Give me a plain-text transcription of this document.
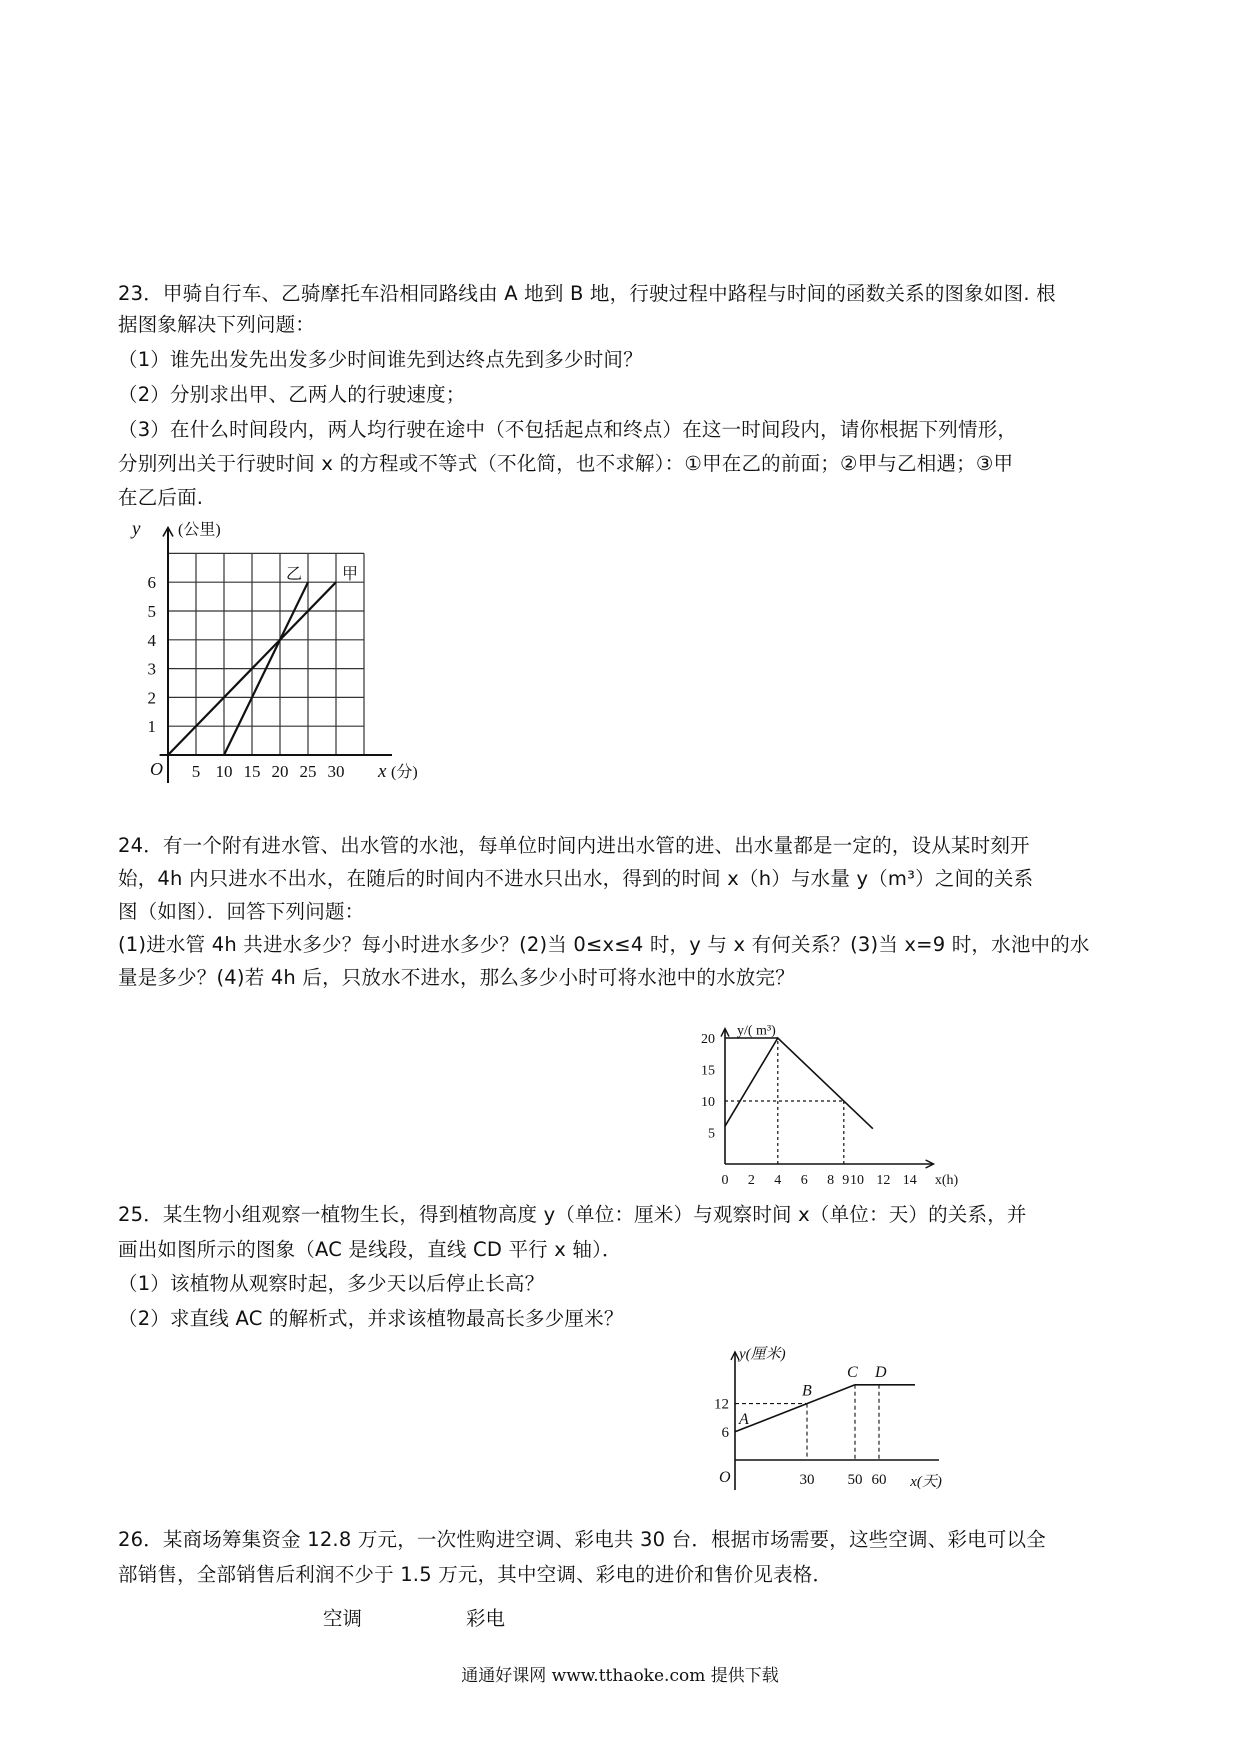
23．甲骑自行车、乙骑摩托车沿相同路线由 A 地到 B 地，行驶过程中路程与时间的函数关系的图象如图. 根
据图象解决下列问题：
（1）谁先出发先出发多少时间谁先到达终点先到多少时间？
（2）分别求出甲、乙两人的行驶速度；
（3）在什么时间段内，两人均行驶在途中（不包括起点和终点）在这一时间段内，请你根据下列情形，
分别列出关于行驶时间 x 的方程或不等式（不化简，也不求解）：①甲在乙的前面；②甲与乙相遇；③甲
在乙后面.
5 10 15 20 25 30
1
2
3
4
5
6
O
y (公里)
x (分)
甲
乙
24．有一个附有进水管、出水管的水池，每单位时间内进出水管的进、出水量都是一定的，设从某时刻开
始，4h 内只进水不出水，在随后的时间内不进水只出水，得到的时间 x（h）与水量 y（m³）之间的关系
图（如图）．回答下列问题：
(1)进水管 4h 共进水多少？每小时进水多少？(2)当 0≤x≤4 时，y 与 x 有何关系？(3)当 x=9 时，水池中的水
量是多少？(4)若 4h 后，只放水不进水，那么多少小时可将水池中的水放完？
0 2 4 6 8 9 10 12 14
5
10
15
20
x(h)
y/( m³)
25．某生物小组观察一植物生长，得到植物高度 y（单位：厘米）与观察时间 x（单位：天）的关系，并
画出如图所示的图象（AC 是线段，直线 CD 平行 x 轴）．
（1）该植物从观察时起，多少天以后停止长高？
（2）求直线 AC 的解析式，并求该植物最高长多少厘米？
y(厘米)
x(天)
O	30 50 60
6
12
A
B
C D
26．某商场筹集资金 12.8 万元，一次性购进空调、彩电共 30 台．根据市场需要，这些空调、彩电可以全
部销售，全部销售后利润不少于 1.5 万元，其中空调、彩电的进价和售价见表格．
空调	彩电
通通好课网 www.tthaoke.com 提供下载
